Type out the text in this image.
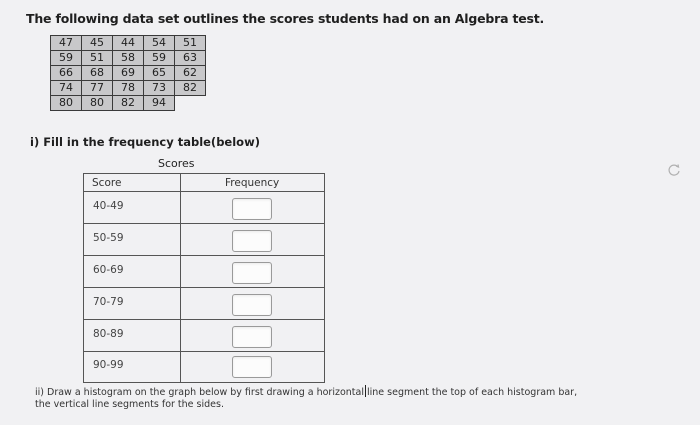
The following data set outlines the scores students had on an Algebra test.
47	45	44	54	51
59	51	58	59	63
66	68	69	65	62
74	77	78	73	82
80	80	82	94	
i) Fill in the frequency table(below)
Scores
Score	Frequency
40-49
50-59
60-69
70-79
80-89
90-99
ii) Draw a histogram on the graph below by first drawing a horizontal line segment the top of each histogram bar, the vertical line segments for the sides.
